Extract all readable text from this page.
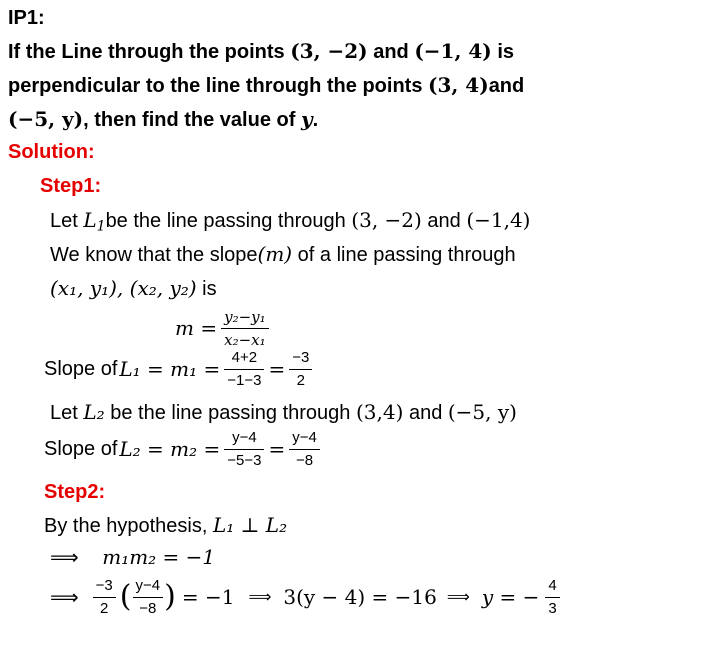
IP1:
If the Line through the points (3, −2) and (−1, 4) is
perpendicular to the line through the points (3, 4)and
(−5, y), then find the value of y.
Solution:
Step1:
Let $L_1be$ the line passing through (3, −2) and (−1,4)
We know that the slope(m) of a line passing through
(x₁, y₁), (x₂, y₂) is
$m = \frac{\text{y₂−y₁}}{\text{x₂−x₁}}$
Slope of $L_1 = m_1 = \frac{4+2}{-1-3} = \frac{-3}{2}$
Let L₂ be the line passing through (3,4) and (−5, y)
Slope of $L_2 = m_2 = \frac{y-4}{-5-3} = \frac{y-4}{-8}$
Step2:
By the hypothesis, L₁ ⊥ L₂
⟹ m₁m₂ = −1
⟹ $\frac{-3}{2}$ ( $\frac{y-4}{-8}$ ) = −1 ⟹ 3(y − 4) = −16 ⟹ y = − $\frac{4}{3}$
